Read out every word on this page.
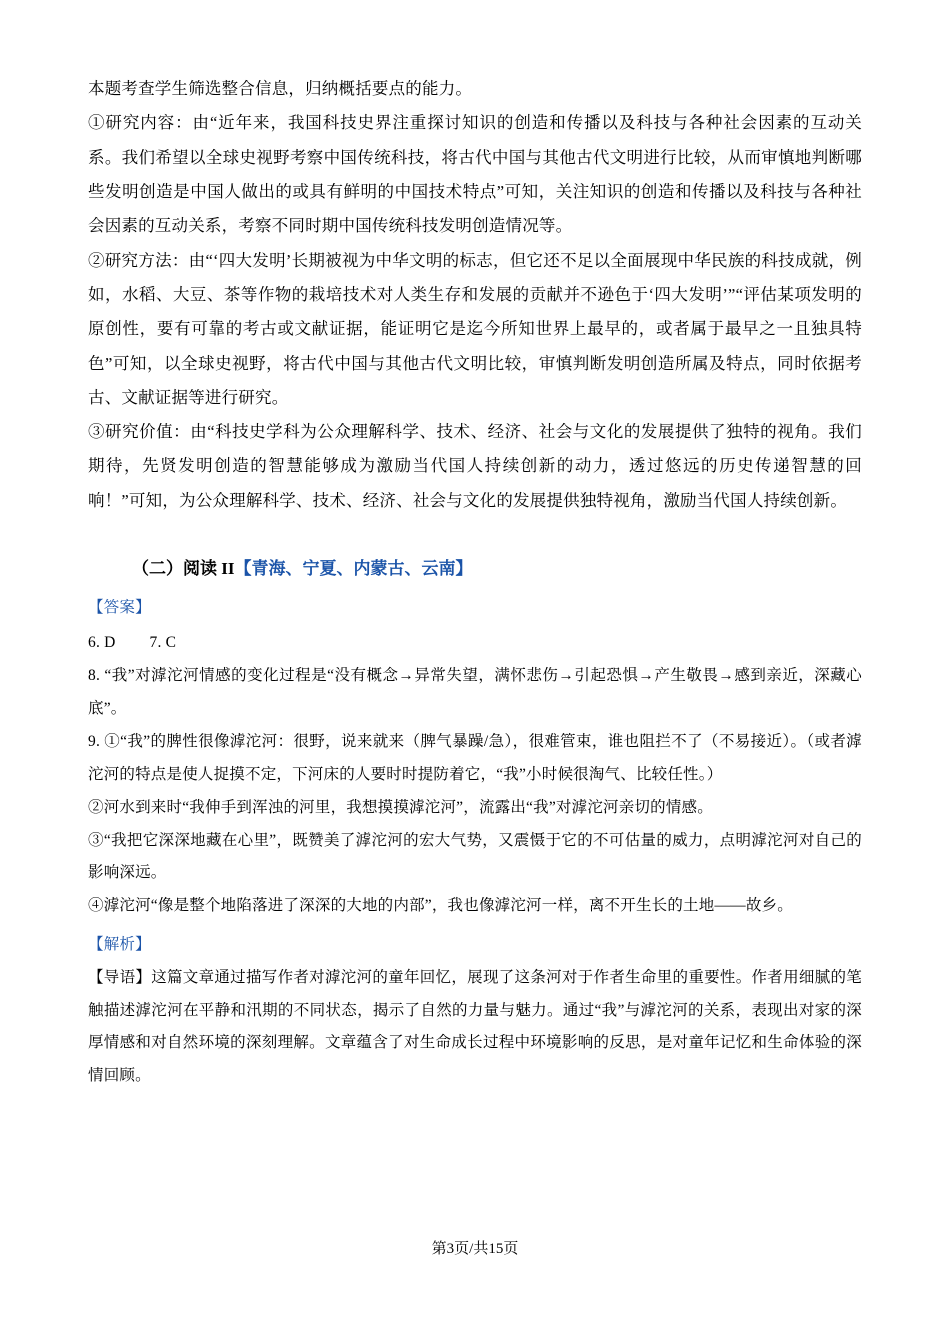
本题考查学生筛选整合信息，归纳概括要点的能力。

①研究内容：由“近年来，我国科技史界注重探讨知识的创造和传播以及科技与各种社会因素的互动关系。我们希望以全球史视野考察中国传统科技，将古代中国与其他古代文明进行比较，从而审慎地判断哪些发明创造是中国人做出的或具有鲜明的中国技术特点”可知，关注知识的创造和传播以及科技与各种社会因素的互动关系，考察不同时期中国传统科技发明创造情况等。

②研究方法：由“‘四大发明’长期被视为中华文明的标志，但它还不足以全面展现中华民族的科技成就，例如，水稻、大豆、茶等作物的栽培技术对人类生存和发展的贡献并不逊色于‘四大发明’”“评估某项发明的原创性，要有可靠的考古或文献证据，能证明它是迄今所知世界上最早的，或者属于最早之一且独具特色”可知，以全球史视野，将古代中国与其他古代文明比较，审慎判断发明创造所属及特点，同时依据考古、文献证据等进行研究。

③研究价值：由“科技史学科为公众理解科学、技术、经济、社会与文化的发展提供了独特的视角。我们期待，先贤发明创造的智慧能够成为激励当代国人持续创新的动力，透过悠远的历史传递智慧的回响！”可知，为公众理解科学、技术、经济、社会与文化的发展提供独特视角，激励当代国人持续创新。

（二）阅读 II【青海、宁夏、内蒙古、云南】

【答案】

6. D 7. C

8. “我”对滹沱河情感的变化过程是“没有概念→异常失望，满怀悲伤→引起恐惧→产生敬畏→感到亲近，深藏心底”。

9. ①“我”的脾性很像滹沱河：很野，说来就来（脾气暴躁/急），很难管束，谁也阻拦不了（不易接近）。（或者滹沱河的特点是使人捉摸不定，下河床的人要时时提防着它，“我”小时候很淘气、比较任性。）

②河水到来时“我伸手到浑浊的河里，我想摸摸滹沱河”，流露出“我”对滹沱河亲切的情感。

③“我把它深深地藏在心里”，既赞美了滹沱河的宏大气势，又震慑于它的不可估量的威力，点明滹沱河对自己的影响深远。

④滹沱河“像是整个地陷落进了深深的大地的内部”，我也像滹沱河一样，离不开生长的土地——故乡。

【解析】

【导语】这篇文章通过描写作者对滹沱河的童年回忆，展现了这条河对于作者生命里的重要性。作者用细腻的笔触描述滹沱河在平静和汛期的不同状态，揭示了自然的力量与魅力。通过“我”与滹沱河的关系，表现出对家的深厚情感和对自然环境的深刻理解。文章蕴含了对生命成长过程中环境影响的反思，是对童年记忆和生命体验的深情回顾。

第3页/共15页
